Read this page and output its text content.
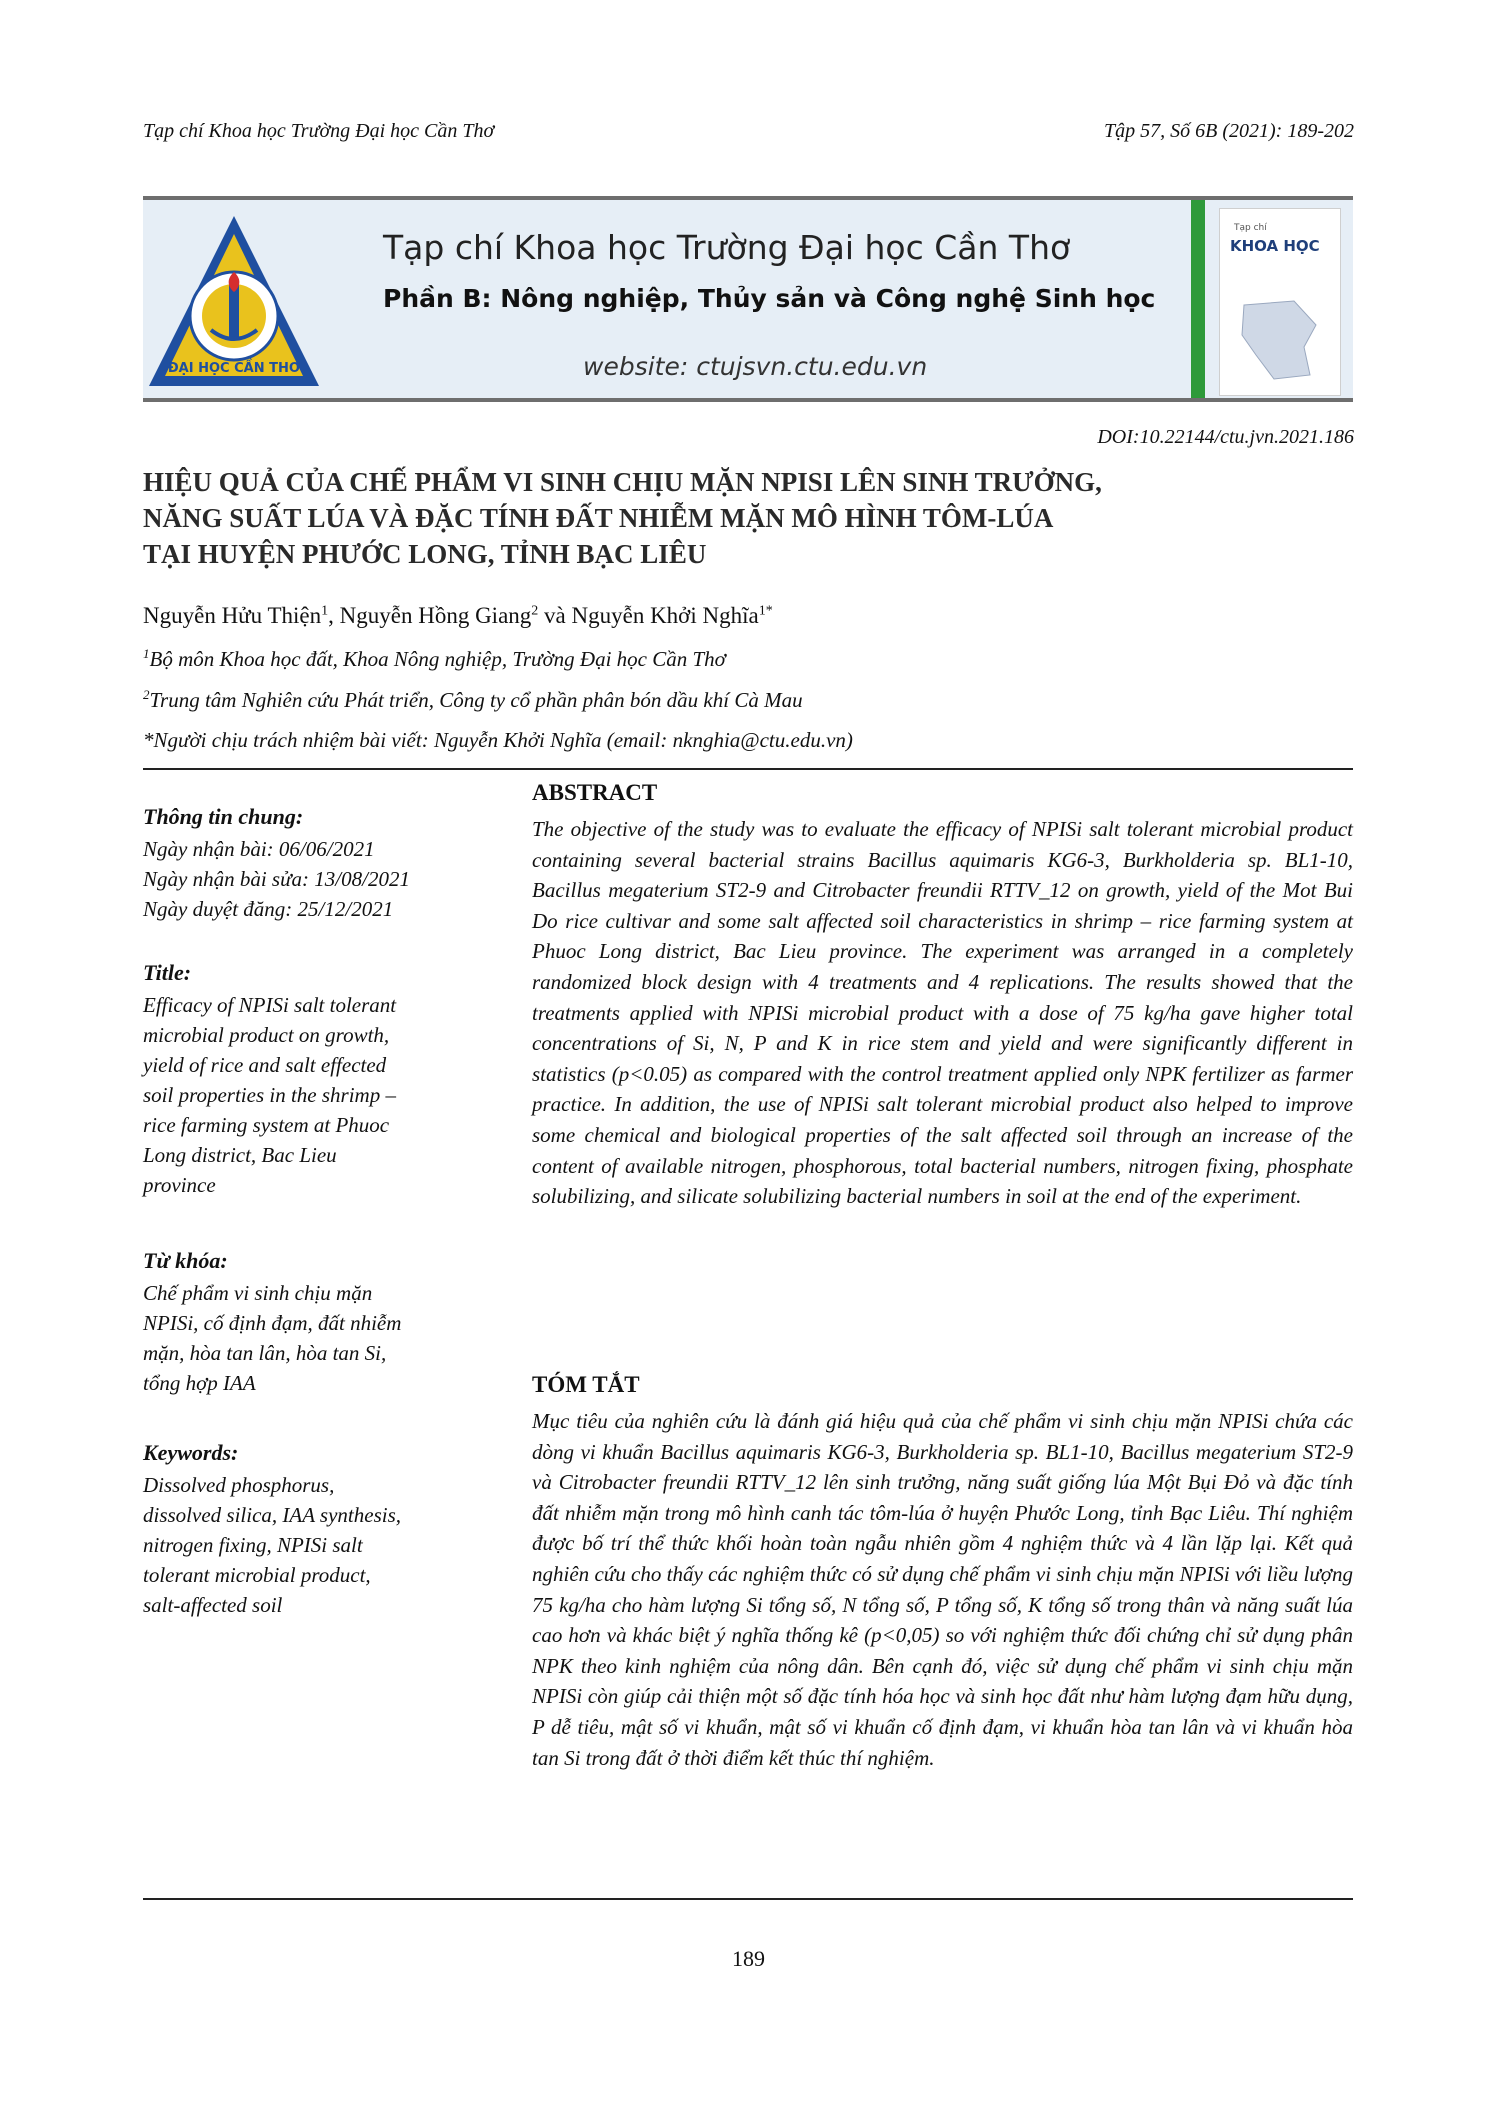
Tạp chí Khoa học Trường Đại học Cần Thơ	Tập 57, Số 6B (2021): 189-202
ĐẠI HỌC CẦN THƠ
Tạp chí Khoa học Trường Đại học Cần Thơ
Phần B: Nông nghiệp, Thủy sản và Công nghệ Sinh học
website: ctujsvn.ctu.edu.vn
Tạp chí
KHOA HỌC
DOI:10.22144/ctu.jvn.2021.186
HIỆU QUẢ CỦA CHẾ PHẨM VI SINH CHỊU MẶN NPISI LÊN SINH TRƯỞNG,
NĂNG SUẤT LÚA VÀ ĐẶC TÍNH ĐẤT NHIỄM MẶN MÔ HÌNH TÔM-LÚA
TẠI HUYỆN PHƯỚC LONG, TỈNH BẠC LIÊU
Nguyễn Hửu Thiện$^1$, Nguyễn Hồng Giang$^2$ và Nguyễn Khởi Nghĩa$^{1*}$
$^1$Bộ môn Khoa học đất, Khoa Nông nghiệp, Trường Đại học Cần Thơ
$^2$Trung tâm Nghiên cứu Phát triển, Công ty cổ phần phân bón dầu khí Cà Mau
*Người chịu trách nhiệm bài viết: Nguyễn Khởi Nghĩa (email: nkng​hia@ctu.edu.vn)
Thông tin chung:
Ngày nhận bài: 06/06/2021
Ngày nhận bài sửa: 13/08/2021
Ngày duyệt đăng: 25/12/2021
Title:
Efficacy of NPISi salt tolerant
microbial product on growth,
yield of rice and salt effected
soil properties in the shrimp –
rice farming system at Phuoc
Long district, Bac Lieu
province
Từ khóa:
Chế phẩm vi sinh chịu mặn
NPISi, cố định đạm, đất nhiễm
mặn, hòa tan lân, hòa tan Si,
tổng hợp IAA
Keywords:
Dissolved phosphorus,
dissolved silica, IAA synthesis,
nitrogen fixing, NPISi salt
tolerant microbial product,
salt-affected soil
ABSTRACT
The objective of the study was to evaluate the efficacy of NPISi salt tolerant microbial product containing several bacterial strains Bacillus aquimaris KG6-3, Burkholderia sp. BL1-10, Bacillus megaterium ST2-9 and Citrobacter freundii RTTV_12 on growth, yield of the Mot Bui Do rice cultivar and some salt affected soil characteristics in shrimp – rice farming system at Phuoc Long district, Bac Lieu province. The experiment was arranged in a completely randomized block design with 4 treatments and 4 replications. The results showed that the treatments applied with NPISi microbial product with a dose of 75 kg/ha gave higher total concentrations of Si, N, P and K in rice stem and yield and were significantly different in statistics (p<0.05) as compared with the control treatment applied only NPK fertilizer as farmer practice. In addition, the use of NPISi salt tolerant microbial product also helped to improve some chemical and biological properties of the salt affected soil through an increase of the content of available nitrogen, phosphorous, total bacterial numbers, nitrogen fixing, phosphate solubilizing, and silicate solubilizing bacterial numbers in soil at the end of the experiment.
TÓM TẮT
Mục tiêu của nghiên cứu là đánh giá hiệu quả của chế phẩm vi sinh chịu mặn NPISi chứa các dòng vi khuẩn Bacillus aquimaris KG6-3, Burkholderia sp. BL1-10, Bacillus megaterium ST2-9 và Citrobacter freundii RTTV_12 lên sinh trưởng, năng suất giống lúa Một Bụi Đỏ và đặc tính đất nhiễm mặn trong mô hình canh tác tôm-lúa ở huyện Phước Long, tỉnh Bạc Liêu. Thí nghiệm được bố trí thể thức khối hoàn toàn ngẫu nhiên gồm 4 nghiệm thức và 4 lần lặp lại. Kết quả nghiên cứu cho thấy các nghiệm thức có sử dụng chế phẩm vi sinh chịu mặn NPISi với liều lượng 75 kg/ha cho hàm lượng Si tổng số, N tổng số, P tổng số, K tổng số trong thân và năng suất lúa cao hơn và khác biệt ý nghĩa thống kê (p<0,05) so với nghiệm thức đối chứng chỉ sử dụng phân NPK theo kinh nghiệm của nông dân. Bên cạnh đó, việc sử dụng chế phẩm vi sinh chịu mặn NPISi còn giúp cải thiện một số đặc tính hóa học và sinh học đất như hàm lượng đạm hữu dụng, P dễ tiêu, mật số vi khuẩn, mật số vi khuẩn cố định đạm, vi khuẩn hòa tan lân và vi khuẩn hòa tan Si trong đất ở thời điểm kết thúc thí nghiệm.
189
